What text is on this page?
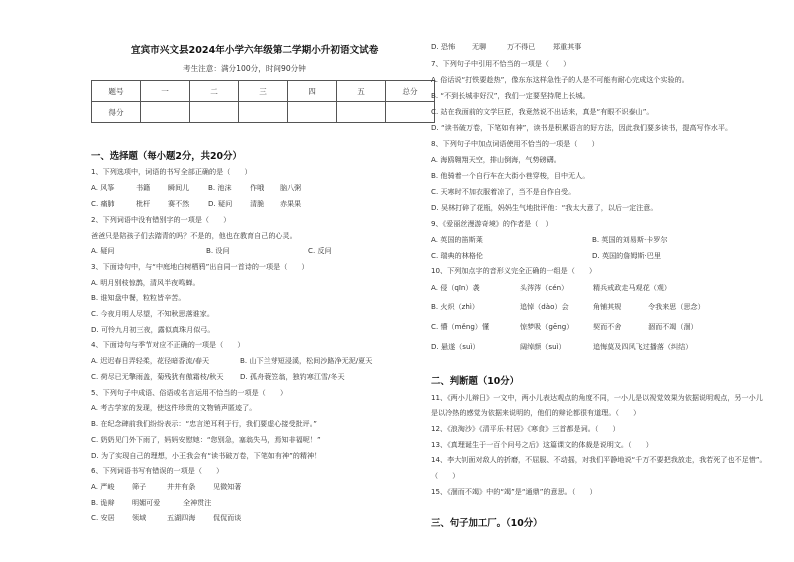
宜宾市兴文县2024年小学六年级第二学期小升初语文试卷
考生注意：满分100分，时间90分钟
题号	一	二	三	四	五	总分
得分						
一、选择题（每小题2分，共20分）
1、下列选项中，词语的书写全部正确的是（　　）
A. 风筝	书籍	瞬间儿	B. 池沫	作哦 脑八粥
C. 痛肺	枇杆	赛不然	D. 疑问	清脆 赤果果
2、下列词语中没有错别字的一项是（　　）
爸爸只是陪孩子们去踏青的吗？不是的，他也在教育自己的心灵。
A. 疑问	B. 设问	C. 反问
3、下面诗句中，与“中庭地白树栖鸦”出自同一首诗的一项是（　　）
A. 明月别枝惊鹊，清风半夜鸣蝉。
B. 谁知盘中餐，粒粒皆辛苦。
C. 今夜月明人尽望，不知秋思落谁家。
D. 可怜九月初三夜，露似真珠月似弓。
4、下面诗句与季节对应不正确的一项是（　　）
A. 迟迟春日弄轻柔，花径暗香流/春天	B. 山下兰芽短浸溪，松间沙路净无泥/夏天
C. 荷尽已无擎雨盖，菊残犹有傲霜枝/秋天 D. 孤舟蓑笠翁，独钓寒江雪/冬天
5、下列句子中成语、俗语或名言运用不恰当的一项是（　　）
A. 考古学家的发现，使这件珍贵的文物销声匿迹了。
B. 在纪念碑前我们纷纷表示：“忠言逆耳利于行，我们要虚心接受批评。”
C. 奶奶见门外下雨了，妈妈安慰她：“您别急，塞翁失马，焉知非福呢！”
D. 为了实现自己的理想，小王我会有“读书破万卷，下笔如有神”的精神！
6、下列词语书写有错误的一项是（　　）
A. 严峻 筛子	井井有条 见微知著
B. 诡辩 明媚可爱	全神贯注
C. 安居 领域	五湖四海 侃侃而谈
D. 恐怖 无聊	万不得已 郑重其事
7、下列句子中引用不恰当的一项是（　　）
A. 俗话说“打铁要趁热”，像东东这样急性子的人是不可能有耐心完成这个实验的。
B. “不到长城非好汉”，我们一定要坚持爬上长城。
C. 站在我面前的文学巨匠，我竟然说不出话来，真是“有眼不识泰山”。
D. “读书破万卷，下笔如有神”，读书是积累语言的好方法，因此我们要多读书，提高写作水平。
8、下列句子中加点词语使用不恰当的一项是（　　）
A. 海鸥翱翔天空，排山倒海，气势磅礴。
B. 他骑着一个自行车在大街小巷穿梭，目中无人。
C. 天寒时不加衣服着凉了，当不是自作自受。
D. 吴林打碎了花瓶，妈妈生气地批评他：“我太大意了，以后一定注意。
9、《爱丽丝漫游奇境》的作者是（　）
A. 英国的笛斯莱	B. 英国的刘易斯·卡罗尔
C. 瑞典的林格伦	D. 英国的詹姆斯·巴里
10、下列加点字的音形义完全正确的一组是（　　）
A. 侵（qīn）袭	头涔涔（cén）	精兵戒政走马观花（观）
B. 火炽（zhì）	追悼（dào）会	角铺其规	令我来思（思念）
C. 懵（měng）懂	惊梦吸（gēng）	契而不舍	涸而不竭（涸）
D. 悬遂（suì）	阔绰颜（suì）	追悔莫及四风飞过播落（纠结）
二、判断题（10分）
11、《两小儿辩日》一文中，两小儿表达观点的角度不同，一小儿是以视觉效果为依据说明观点，另一小儿
是以冷热的感觉为依据来说明的，他们的辩论都很有道理。（　　）
12、《浪淘沙》《清平乐·村居》《寒食》三首都是词。（　　）
13、《真理诞生于一百个问号之后》这篇课文的体裁是说明文。（　　）
14、李大钊面对敌人的折磨，不屈服、不动摇，对我们平静地说“千万不要把我放走，我若死了也不足惜”。
（　　）
15、《涸而不竭》中的“竭”是“通鼎”的意思。（　　）
三、句子加工厂。（10分）
